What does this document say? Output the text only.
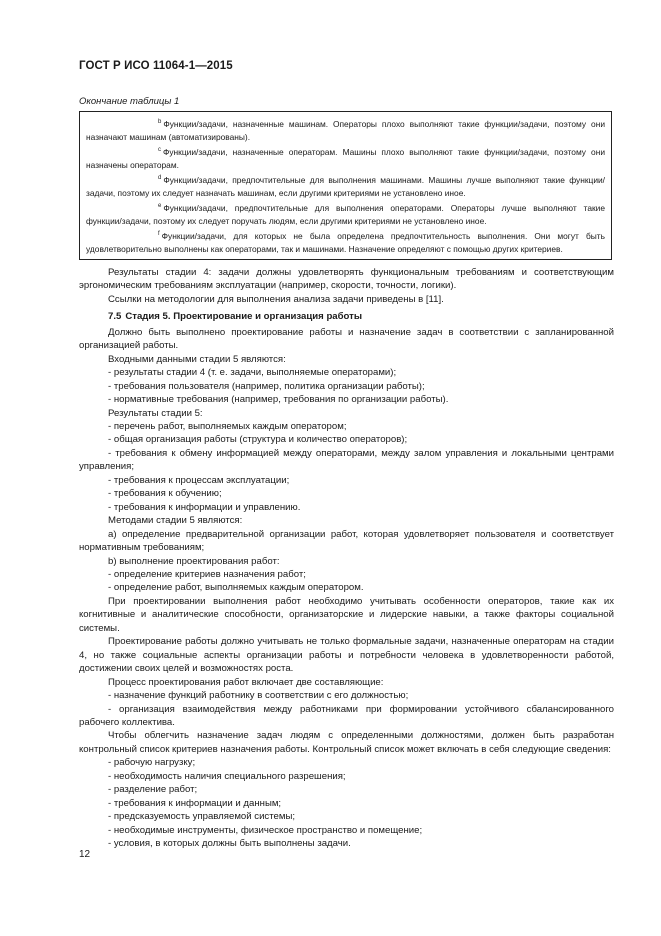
ГОСТ Р ИСО 11064-1—2015
Окончание таблицы 1

$^b$ Функции/задачи, назначенные машинам. Операторы плохо выполняют такие функции/задачи, поэтому они назначают машинам (автоматизированы).

$^c$ Функции/задачи, назначенные операторам. Машины плохо выполняют такие функции/задачи, поэтому они назначены операторам.

$^d$ Функции/задачи, предпочтительные для выполнения машинами. Машины лучше выполняют такие функции/задачи, поэтому их следует назначать машинам, если другими критериями не установлено иное.

$^e$ Функции/задачи, предпочтительные для выполнения операторами. Операторы лучше выполняют такие функции/задачи, поэтому их следует поручать людям, если другими критериями не установлено иное.

$^f$ Функции/задачи, для которых не была определена предпочтительность выполнения. Они могут быть удовлетворительно выполнены как операторами, так и машинами. Назначение определяют с помощью других критериев.

Результаты стадии 4: задачи должны удовлетворять функциональным требованиям и соответствующим эргономическим требованиям эксплуатации (например, скорости, точности, логики).

Ссылки на методологии для выполнения анализа задачи приведены в [11].

7.5 Стадия 5. Проектирование и организация работы

Должно быть выполнено проектирование работы и назначение задач в соответствии с запланированной организацией работы.

Входными данными стадии 5 являются:

- результаты стадии 4 (т. е. задачи, выполняемые операторами);

- требования пользователя (например, политика организации работы);

- нормативные требования (например, требования по организации работы).

Результаты стадии 5:

- перечень работ, выполняемых каждым оператором;

- общая организация работы (структура и количество операторов);

- требования к обмену информацией между операторами, между залом управления и локальными центрами управления;

- требования к процессам эксплуатации;

- требования к обучению;

- требования к информации и управлению.

Методами стадии 5 являются:

a) определение предварительной организации работ, которая удовлетворяет пользователя и соответствует нормативным требованиям;

b) выполнение проектирования работ:

- определение критериев назначения работ;

- определение работ, выполняемых каждым оператором.

При проектировании выполнения работ необходимо учитывать особенности операторов, такие как их когнитивные и аналитические способности, организаторские и лидерские навыки, а также факторы социальной системы.

Проектирование работы должно учитывать не только формальные задачи, назначенные операторам на стадии 4, но также социальные аспекты организации работы и потребности человека в удовлетворенности работой, достижении своих целей и возможностях роста.

Процесс проектирования работ включает две составляющие:

- назначение функций работнику в соответствии с его должностью;

- организация взаимодействия между работниками при формировании устойчивого сбалансированного рабочего коллектива.

Чтобы облегчить назначение задач людям с определенными должностями, должен быть разработан контрольный список критериев назначения работы. Контрольный список может включать в себя следующие сведения:

- рабочую нагрузку;

- необходимость наличия специального разрешения;

- разделение работ;

- требования к информации и данным;

- предсказуемость управляемой системы;

- необходимые инструменты, физическое пространство и помещение;

- условия, в которых должны быть выполнены задачи.

12
